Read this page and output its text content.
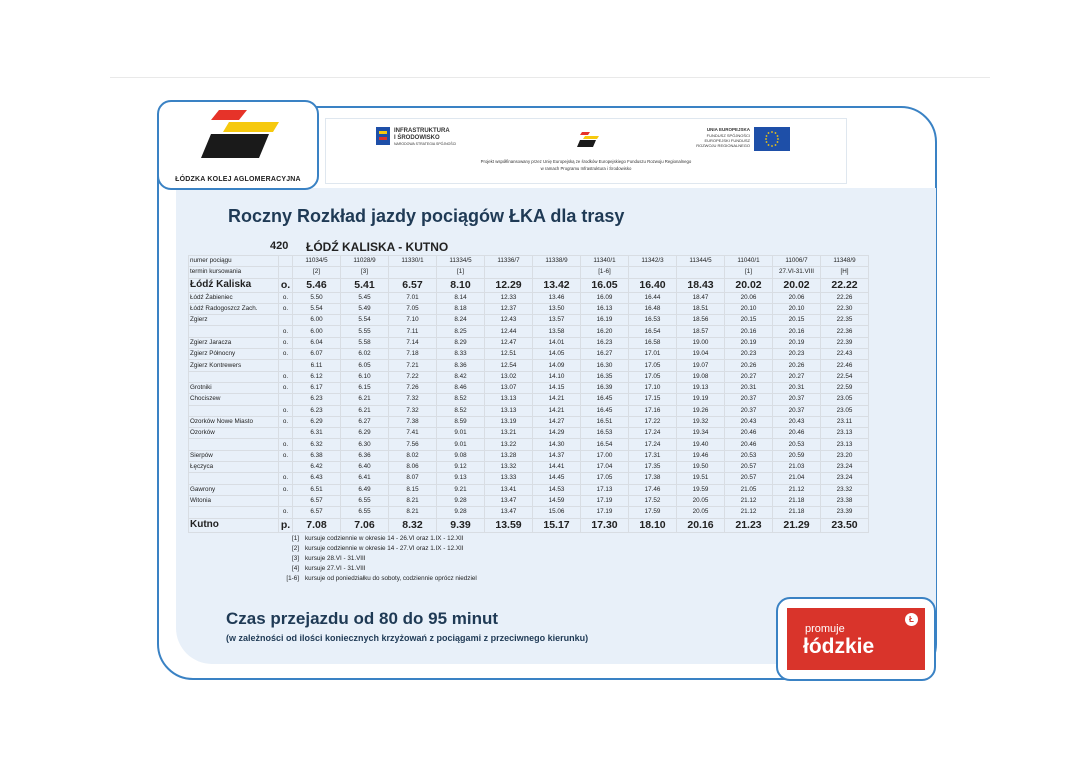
ŁÓDZKA KOLEJ AGLOMERACYJNA
INFRASTRUKTURA
I ŚRODOWISKO
NARODOWA STRATEGIA SPÓJNOŚCI
UNIA EUROPEJSKA
FUNDUSZ SPÓJNOŚCI
EUROPEJSKI FUNDUSZ
ROZWOJU REGIONALNEGO
Projekt współfinansowany przez Unię Europejską ze środków Europejskiego Funduszu Rozwoju Regionalnego
w ramach Programu Infrastruktura i Środowisko
Roczny Rozkład jazdy pociągów ŁKA dla trasy
420 ŁÓDŹ KALISKA - KUTNO
numer pociągu		11034/5	11028/9	11330/1	11334/5	11336/7	11338/9	11340/1	11342/3	11344/5	11040/1	11006/7	11348/9
termin kursowania		[2]	[3]		[1]			[1-6]			[1]	27.VI-31.VIII	[H]
Łódź Kaliska	o.	5.46	5.41	6.57	8.10	12.29	13.42	16.05	16.40	18.43	20.02	20.02	22.22
Łódź Żabieniec	o.	5.50	5.45	7.01	8.14	12.33	13.46	16.09	16.44	18.47	20.06	20.06	22.26
Łódź Radogoszcz Zach.	o.	5.54	5.49	7.05	8.18	12.37	13.50	16.13	16.48	18.51	20.10	20.10	22.30
Zgierz		6.00	5.54	7.10	8.24	12.43	13.57	16.19	16.53	18.56	20.15	20.15	22.35
	o.	6.00	5.55	7.11	8.25	12.44	13.58	16.20	16.54	18.57	20.16	20.16	22.36
Zgierz Jaracza	o.	6.04	5.58	7.14	8.29	12.47	14.01	16.23	16.58	19.00	20.19	20.19	22.39
Zgierz Północny	o.	6.07	6.02	7.18	8.33	12.51	14.05	16.27	17.01	19.04	20.23	20.23	22.43
Zgierz Kontrewers		6.11	6.05	7.21	8.36	12.54	14.09	16.30	17.05	19.07	20.26	20.26	22.46
	o.	6.12	6.10	7.22	8.42	13.02	14.10	16.35	17.05	19.08	20.27	20.27	22.54
Grotniki	o.	6.17	6.15	7.26	8.46	13.07	14.15	16.39	17.10	19.13	20.31	20.31	22.59
Chociszew		6.23	6.21	7.32	8.52	13.13	14.21	16.45	17.15	19.19	20.37	20.37	23.05
	o.	6.23	6.21	7.32	8.52	13.13	14.21	16.45	17.16	19.26	20.37	20.37	23.05
Ozorków Nowe Miasto	o.	6.29	6.27	7.38	8.59	13.19	14.27	16.51	17.22	19.32	20.43	20.43	23.11
Ozorków		6.31	6.29	7.41	9.01	13.21	14.29	16.53	17.24	19.34	20.46	20.46	23.13
	o.	6.32	6.30	7.56	9.01	13.22	14.30	16.54	17.24	19.40	20.46	20.53	23.13
Sierpów	o.	6.38	6.36	8.02	9.08	13.28	14.37	17.00	17.31	19.46	20.53	20.59	23.20
Łęczyca		6.42	6.40	8.06	9.12	13.32	14.41	17.04	17.35	19.50	20.57	21.03	23.24
	o.	6.43	6.41	8.07	9.13	13.33	14.45	17.05	17.38	19.51	20.57	21.04	23.24
Gawrony	o.	6.51	6.49	8.15	9.21	13.41	14.53	17.13	17.46	19.59	21.05	21.12	23.32
Witonia		6.57	6.55	8.21	9.28	13.47	14.59	17.19	17.52	20.05	21.12	21.18	23.38
	o.	6.57	6.55	8.21	9.28	13.47	15.06	17.19	17.59	20.05	21.12	21.18	23.39
Kutno	p.	7.08	7.06	8.32	9.39	13.59	15.17	17.30	18.10	20.16	21.23	21.29	23.50
[1]	kursuje codziennie w okresie 14 - 26.VI oraz 1.IX - 12.XII
[2]	kursuje codziennie w okresie 14 - 27.VI oraz 1.IX - 12.XII
[3]	kursuje 28.VI - 31.VIII
[4]	kursuje 27.VI - 31.VIII
[1-6]	kursuje od poniedziałku do soboty, codziennie oprócz niedziel
Czas przejazdu od 80 do 95 minut
(w zależności od ilości koniecznych krzyżowań z pociągami z przeciwnego kierunku)
Ł
promuje
łódzkie
